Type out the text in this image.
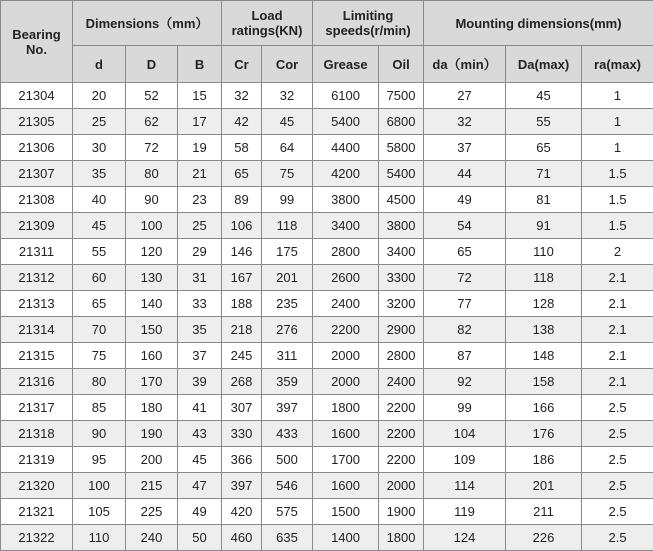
Bearing No.	Dimensions（mm）			Load ratings(KN)		Limiting speeds(r/min)		Mounting dimensions(mm)		
	d	D	B	Cr	Cor	Grease	Oil	da（min）	Da(max)	ra(max)
21304	20	52	15	32	32	6100	7500	27	45	1
21305	25	62	17	42	45	5400	6800	32	55	1
21306	30	72	19	58	64	4400	5800	37	65	1
21307	35	80	21	65	75	4200	5400	44	71	1.5
21308	40	90	23	89	99	3800	4500	49	81	1.5
21309	45	100	25	106	118	3400	3800	54	91	1.5
21311	55	120	29	146	175	2800	3400	65	110	2
21312	60	130	31	167	201	2600	3300	72	118	2.1
21313	65	140	33	188	235	2400	3200	77	128	2.1
21314	70	150	35	218	276	2200	2900	82	138	2.1
21315	75	160	37	245	311	2000	2800	87	148	2.1
21316	80	170	39	268	359	2000	2400	92	158	2.1
21317	85	180	41	307	397	1800	2200	99	166	2.5
21318	90	190	43	330	433	1600	2200	104	176	2.5
21319	95	200	45	366	500	1700	2200	109	186	2.5
21320	100	215	47	397	546	1600	2000	114	201	2.5
21321	105	225	49	420	575	1500	1900	119	211	2.5
21322	110	240	50	460	635	1400	1800	124	226	2.5
